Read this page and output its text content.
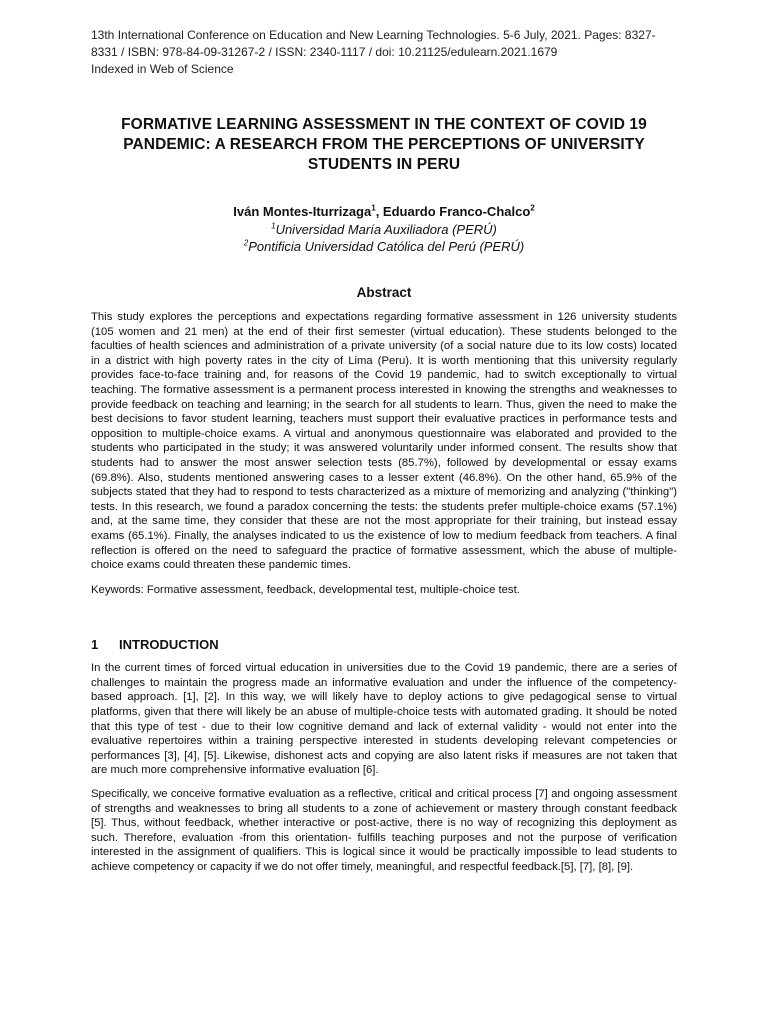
13th International Conference on Education and New Learning Technologies. 5-6 July, 2021. Pages: 8327-8331 / ISBN: 978-84-09-31267-2 / ISSN: 2340-1117 / doi: 10.21125/edulearn.2021.1679
Indexed in Web of Science
FORMATIVE LEARNING ASSESSMENT IN THE CONTEXT OF COVID 19 PANDEMIC: A RESEARCH FROM THE PERCEPTIONS OF UNIVERSITY STUDENTS IN PERU
Iván Montes-Iturrizaga$^1$, Eduardo Franco-Chalco$^2$
$^1$Universidad María Auxiliadora (PERÚ)
$^2$Pontificia Universidad Católica del Perú (PERÚ)
Abstract
This study explores the perceptions and expectations regarding formative assessment in 126 university students (105 women and 21 men) at the end of their first semester (virtual education). These students belonged to the faculties of health sciences and administration of a private university (of a social nature due to its low costs) located in a district with high poverty rates in the city of Lima (Peru). It is worth mentioning that this university regularly provides face-to-face training and, for reasons of the Covid 19 pandemic, had to switch exceptionally to virtual teaching. The formative assessment is a permanent process interested in knowing the strengths and weaknesses to provide feedback on teaching and learning; in the search for all students to learn. Thus, given the need to make the best decisions to favor student learning, teachers must support their evaluative practices in performance tests and opposition to multiple-choice exams. A virtual and anonymous questionnaire was elaborated and provided to the students who participated in the study; it was answered voluntarily under informed consent. The results show that students had to answer the most answer selection tests (85.7%), followed by developmental or essay exams (69.8%). Also, students mentioned answering cases to a lesser extent (46.8%). On the other hand, 65.9% of the subjects stated that they had to respond to tests characterized as a mixture of memorizing and analyzing ("thinking") tests. In this research, we found a paradox concerning the tests: the students prefer multiple-choice exams (57.1%) and, at the same time, they consider that these are not the most appropriate for their training, but instead essay exams (65.1%). Finally, the analyses indicated to us the existence of low to medium feedback from teachers. A final reflection is offered on the need to safeguard the practice of formative assessment, which the abuse of multiple-choice exams could threaten these pandemic times.
Keywords: Formative assessment, feedback, developmental test, multiple-choice test.
1 INTRODUCTION
In the current times of forced virtual education in universities due to the Covid 19 pandemic, there are a series of challenges to maintain the progress made an informative evaluation and under the influence of the competency-based approach. [1], [2]. In this way, we will likely have to deploy actions to give pedagogical sense to virtual platforms, given that there will likely be an abuse of multiple-choice tests with automated grading. It should be noted that this type of test - due to their low cognitive demand and lack of external validity - would not enter into the evaluative repertoires within a training perspective interested in students developing relevant competencies or performances [3], [4], [5]. Likewise, dishonest acts and copying are also latent risks if measures are not taken that are much more comprehensive informative evaluation [6].
Specifically, we conceive formative evaluation as a reflective, critical and critical process [7] and ongoing assessment of strengths and weaknesses to bring all students to a zone of achievement or mastery through constant feedback [5]. Thus, without feedback, whether interactive or post-active, there is no way of recognizing this deployment as such. Therefore, evaluation -from this orientation- fulfills teaching purposes and not the purpose of verification interested in the assignment of qualifiers. This is logical since it would be practically impossible to lead students to achieve competency or capacity if we do not offer timely, meaningful, and respectful feedback.[5], [7], [8], [9].
